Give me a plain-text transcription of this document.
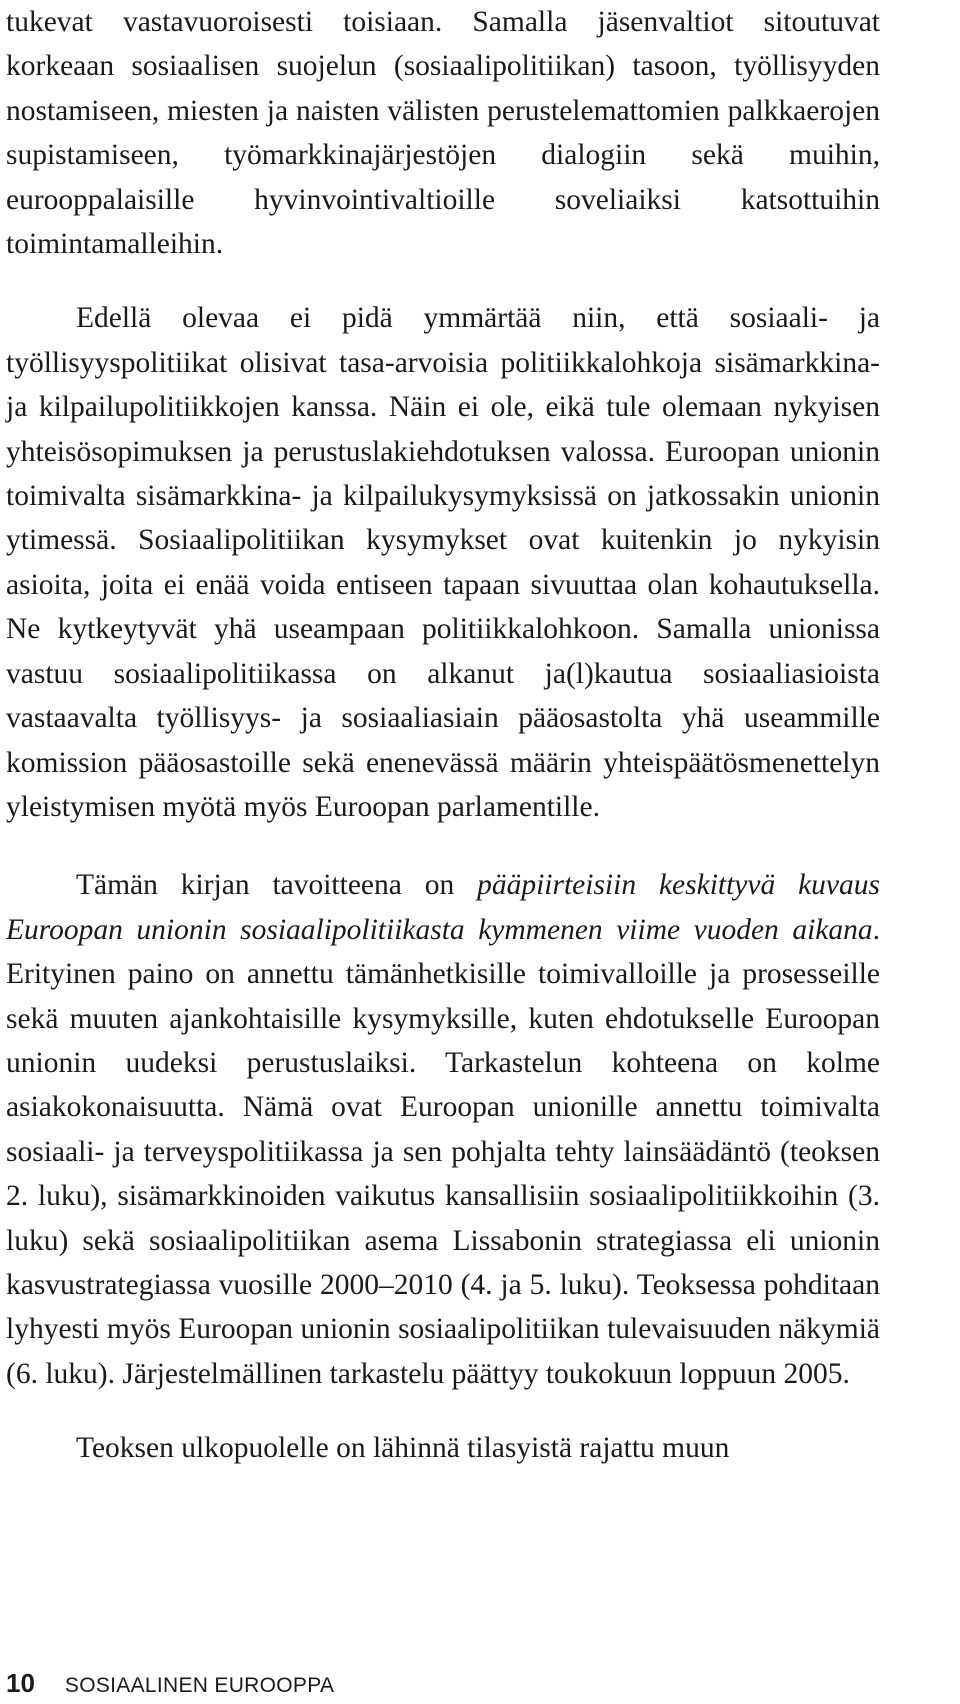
tukevat vastavuoroisesti toisiaan. Samalla jäsenvaltiot sitoutuvat korkeaan sosiaalisen suojelun (sosiaalipolitiikan) tasoon, työllisyyden nostamiseen, miesten ja naisten välisten perustelemattomien palkkaerojen supistamiseen, työmarkkinajärjestöjen dialogiin sekä muihin, eurooppalaisille hyvinvointivaltioille soveliaiksi katsottuihin toimintamalleihin.

Edellä olevaa ei pidä ymmärtää niin, että sosiaali- ja työllisyyspolitiikat olisivat tasa-arvoisia politiikkalohkoja sisämarkkina- ja kilpailupolitiikkojen kanssa. Näin ei ole, eikä tule olemaan nykyisen yhteisösopimuksen ja perustuslakiehdotuksen valossa. Euroopan unionin toimivalta sisämarkkina- ja kilpailukysymyksissä on jatkossakin unionin ytimessä. Sosiaalipolitiikan kysymykset ovat kuitenkin jo nykyisin asioita, joita ei enää voida entiseen tapaan sivuuttaa olan kohautuksella. Ne kytkeytyvät yhä useampaan politiikkalohkoon. Samalla unionissa vastuu sosiaalipolitiikassa on alkanut ja(l)kautua sosiaaliasioista vastaavalta työllisyys- ja sosiaaliasiain pääosastolta yhä useammille komission pääosastoille sekä enenevässä määrin yhteispäätösmenettelyn yleistymisen myötä myös Euroopan parlamentille.

Tämän kirjan tavoitteena on pääpiirteisiin keskittyvä kuvaus Euroopan unionin sosiaalipolitiikasta kymmenen viime vuoden aikana. Erityinen paino on annettu tämänhetkisille toimivalloille ja prosesseille sekä muuten ajankohtaisille kysymyksille, kuten ehdotukselle Euroopan unionin uudeksi perustuslaiksi. Tarkastelun kohteena on kolme asiakokonaisuutta. Nämä ovat Euroopan unionille annettu toimivalta sosiaali- ja terveyspolitiikassa ja sen pohjalta tehty lainsäädäntö (teoksen 2. luku), sisämarkkinoiden vaikutus kansallisiin sosiaalipolitiikkoihin (3. luku) sekä sosiaalipolitiikan asema Lissabonin strategiassa eli unionin kasvustrategiassa vuosille 2000–2010 (4. ja 5. luku). Teoksessa pohditaan lyhyesti myös Euroopan unionin sosiaalipolitiikan tulevaisuuden näkymiä (6. luku). Järjestelmällinen tarkastelu päättyy toukokuun loppuun 2005.

Teoksen ulkopuolelle on lähinnä tilasyistä rajattu muun

10 SOSIAALINEN EUROOPPA
